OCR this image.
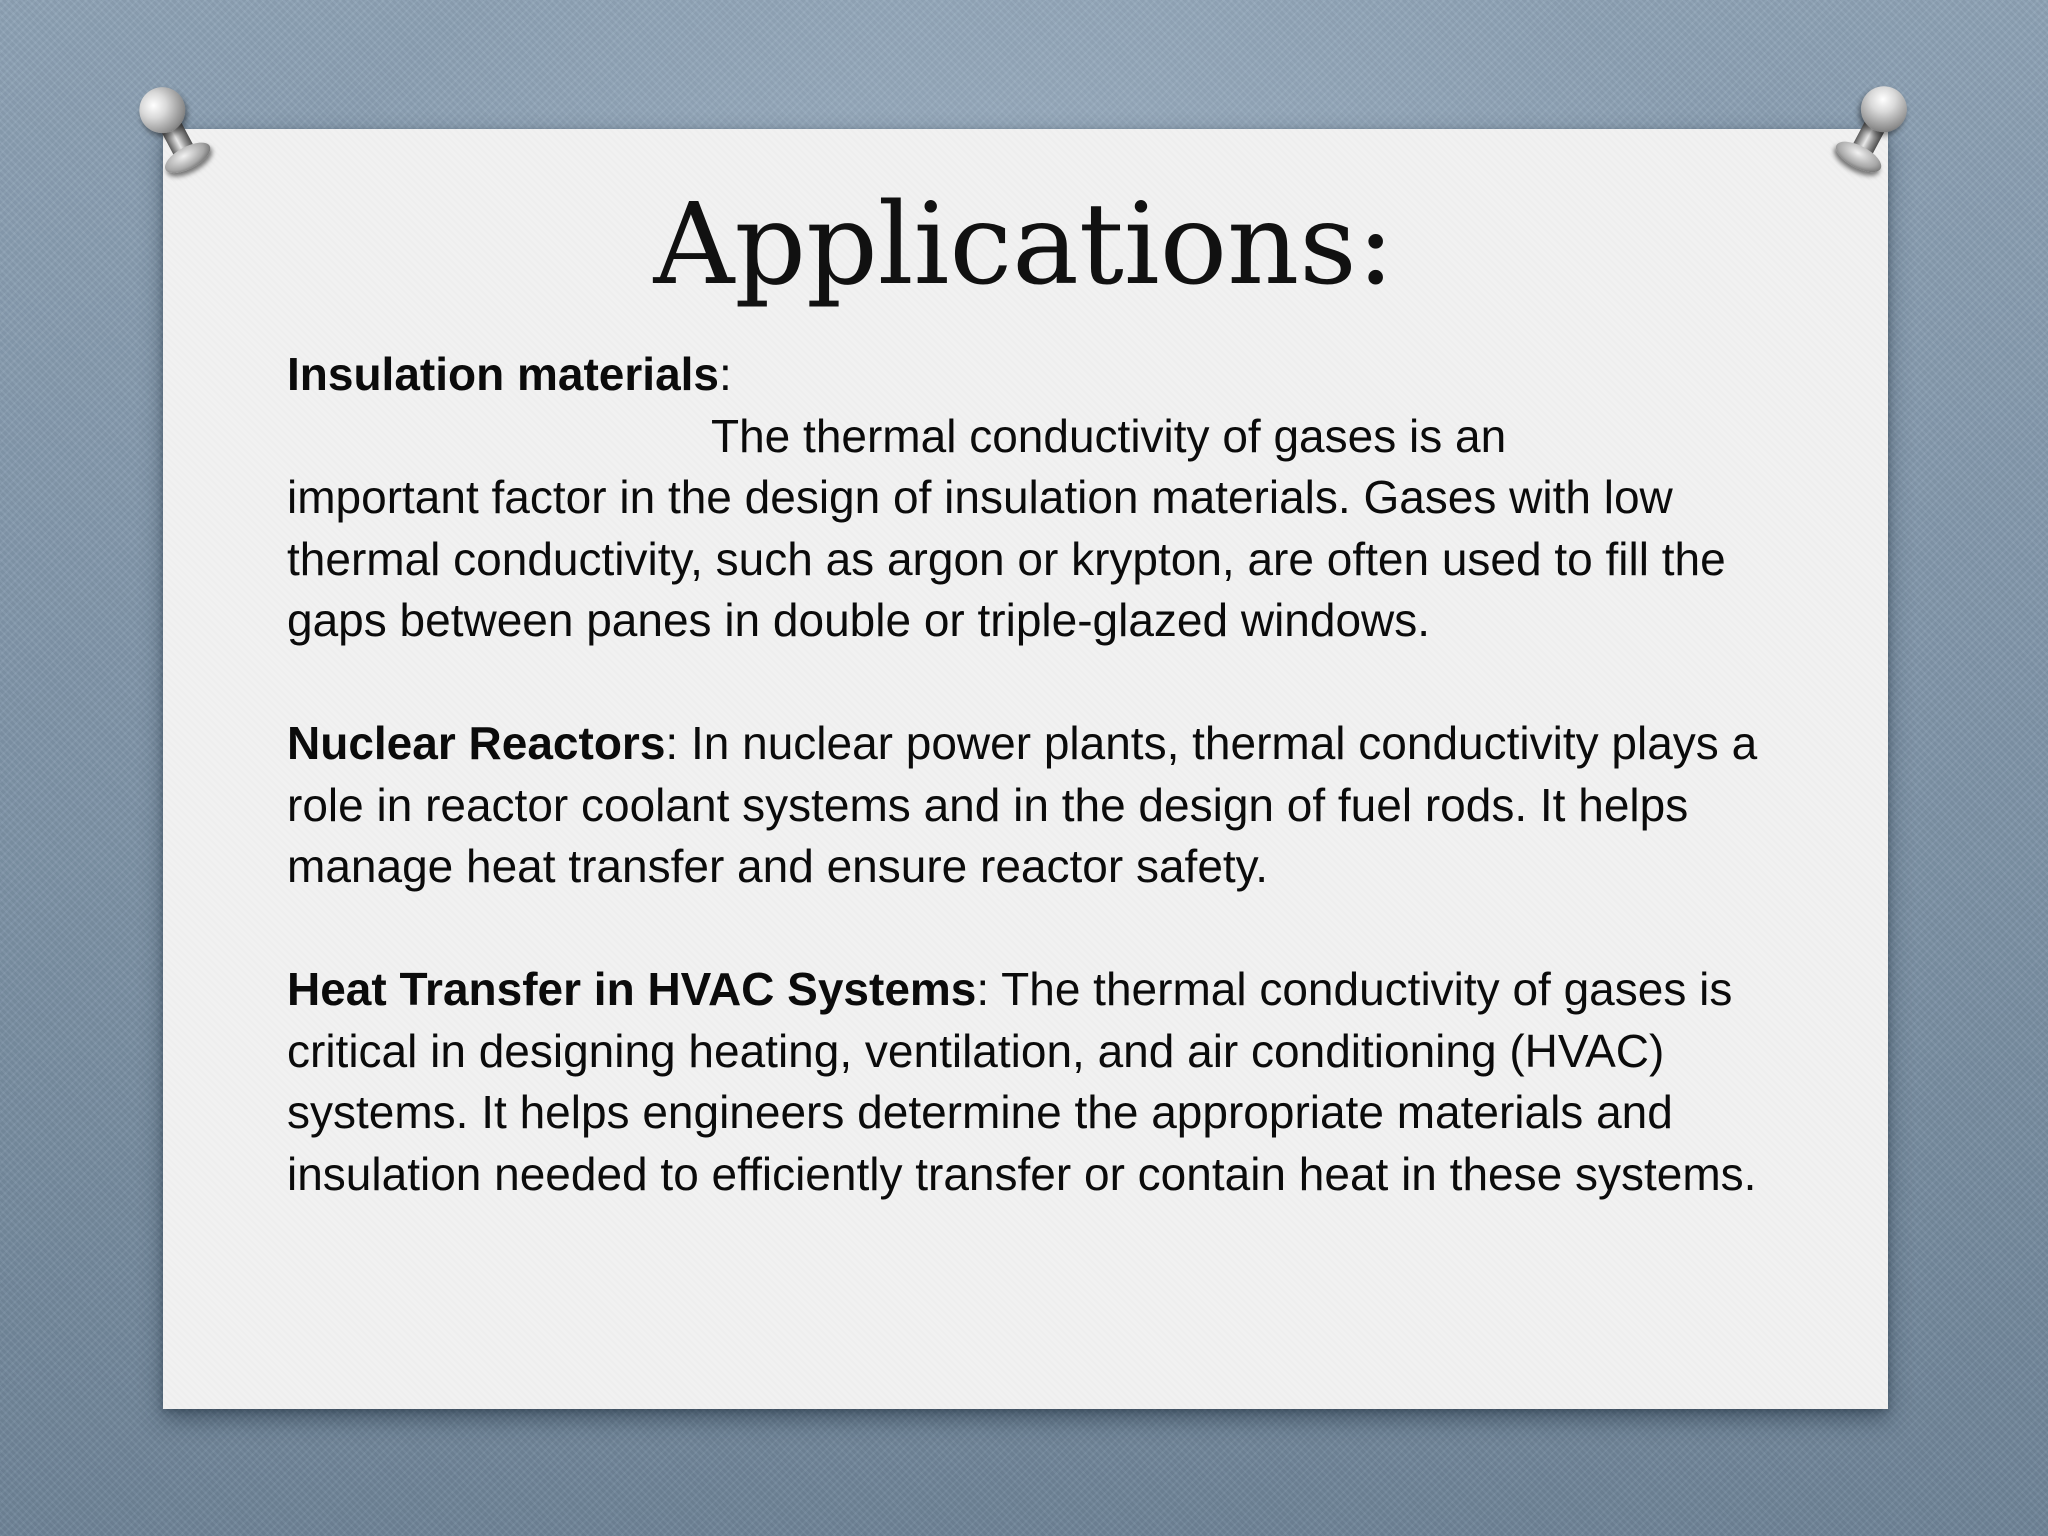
Applications:

Insulation materials:
The thermal conductivity of gases is an
important factor in the design of insulation materials. Gases with low thermal conductivity, such as argon or krypton, are often used to fill the gaps between panes in double or triple-glazed windows.

Nuclear Reactors: In nuclear power plants, thermal conductivity plays a role in reactor coolant systems and in the design of fuel rods. It helps manage heat transfer and ensure reactor safety.

Heat Transfer in HVAC Systems: The thermal conductivity of gases is critical in designing heating, ventilation, and air conditioning (HVAC) systems. It helps engineers determine the appropriate materials and insulation needed to efficiently transfer or contain heat in these systems.
